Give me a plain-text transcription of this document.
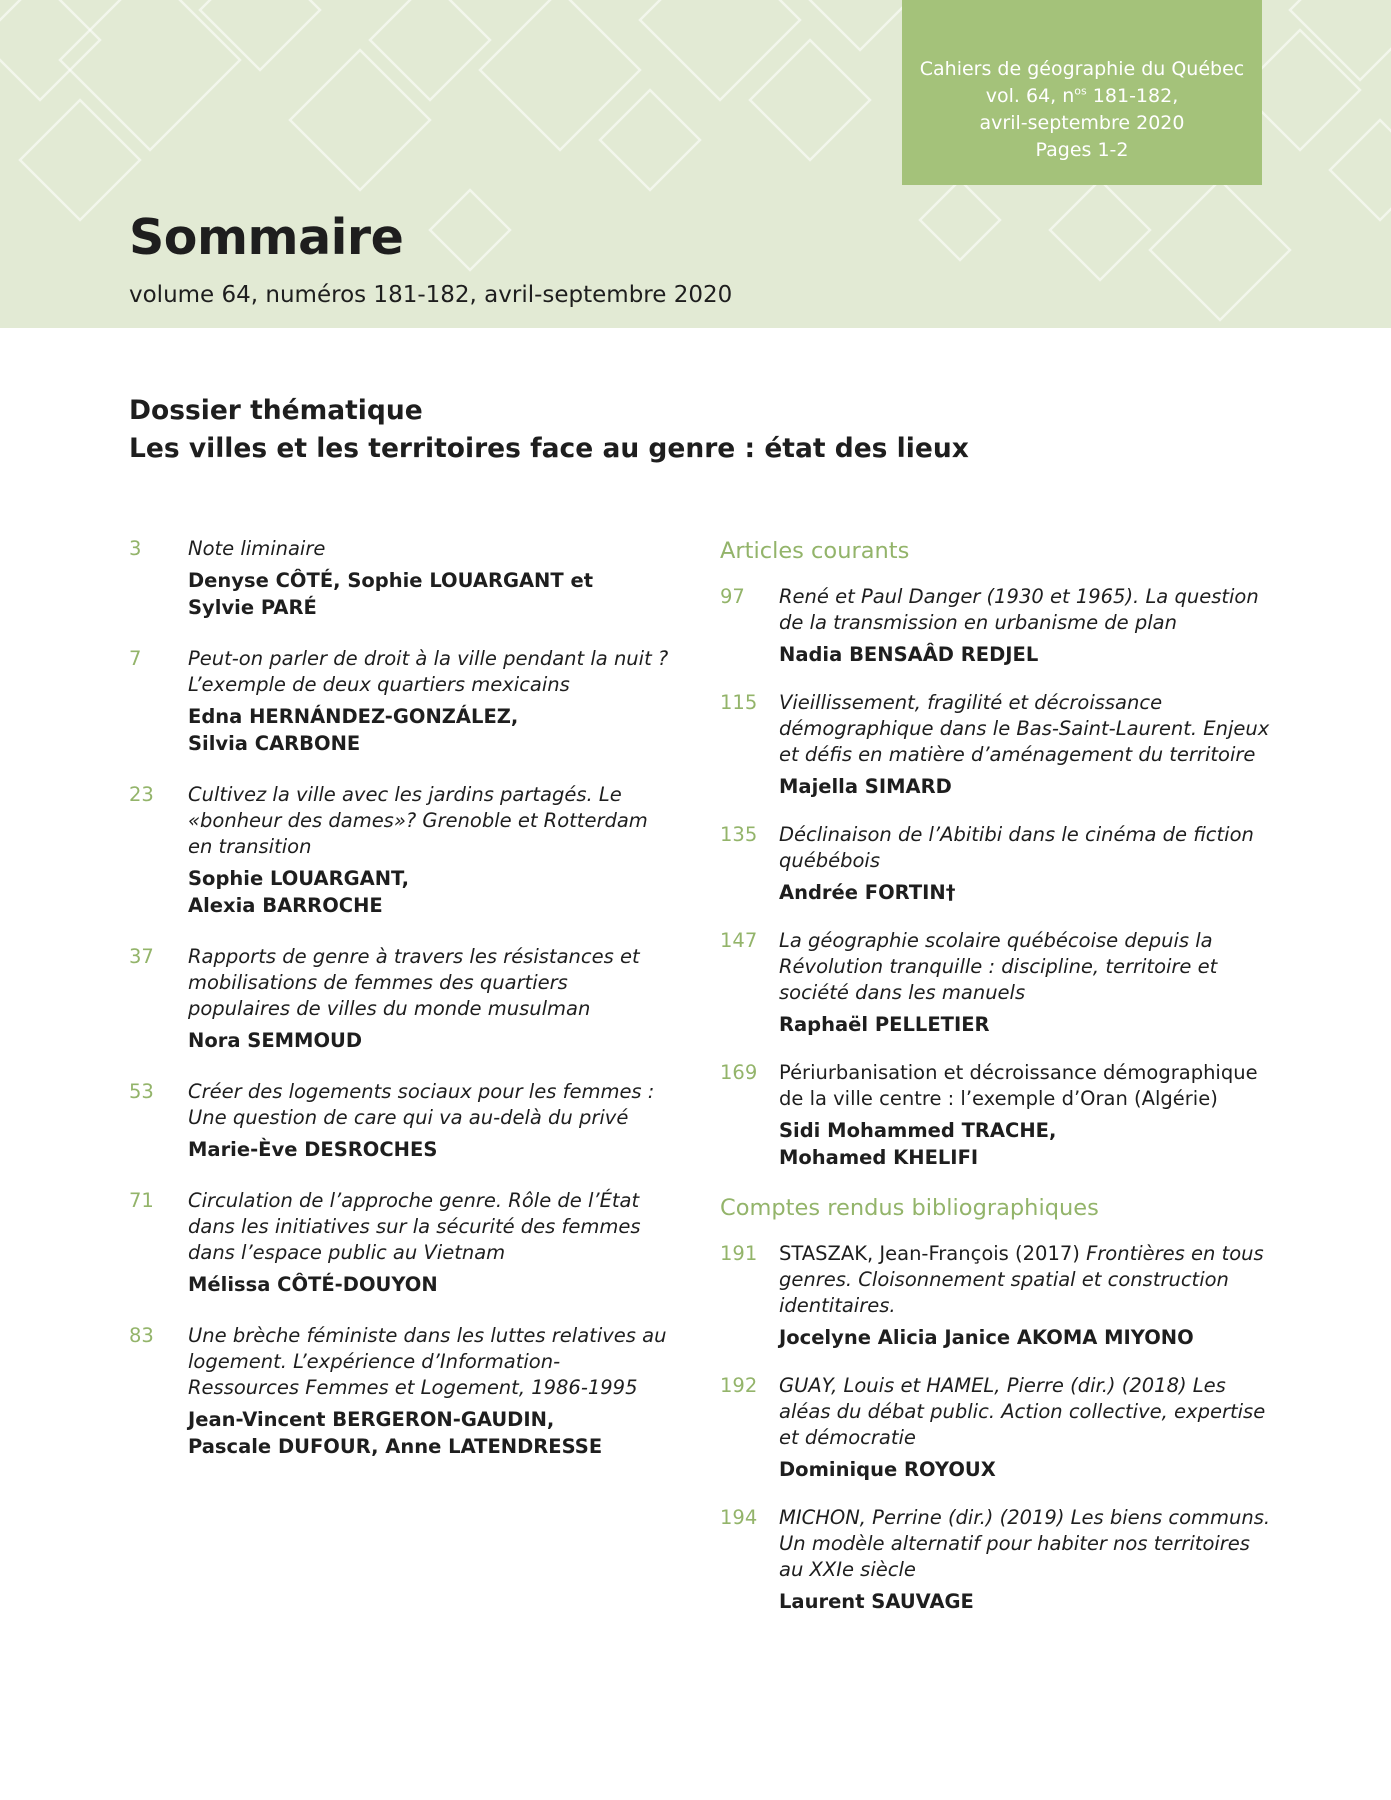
Cahiers de géographie du Québec
vol. 64, $n^{os}$ 181-182,
avril-septembre 2020
Pages 1-2
Sommaire
volume 64, numéros 181-182, avril-septembre 2020
Dossier thématique
Les villes et les territoires face au genre : état des lieux
3 Note liminaire
Denyse CÔTÉ, Sophie LOUARGANT et
Sylvie PARÉ
7 Peut-on parler de droit à la ville pendant la nuit ? L’exemple de deux quartiers mexicains
Edna HERNÁNDEZ-GONZÁLEZ,
Silvia CARBONE
23 Cultivez la ville avec les jardins partagés. Le «bonheur des dames»? Grenoble et Rotterdam en transition
Sophie LOUARGANT,
Alexia BARROCHE
37 Rapports de genre à travers les résistances et mobilisations de femmes des quartiers populaires de villes du monde musulman
Nora SEMMOUD
53 Créer des logements sociaux pour les femmes : Une question de care qui va au-delà du privé
Marie-Ève DESROCHES
71 Circulation de l’approche genre. Rôle de l’État dans les initiatives sur la sécurité des femmes dans l’espace public au Vietnam
Mélissa CÔTÉ-DOUYON
83 Une brèche féministe dans les luttes relatives au logement. L’expérience d’Information-Ressources Femmes et Logement, 1986-1995
Jean-Vincent BERGERON-GAUDIN,
Pascale DUFOUR, Anne LATENDRESSE
Articles courants
97 René et Paul Danger (1930 et 1965). La question de la transmission en urbanisme de plan
Nadia BENSAÂD REDJEL
115 Vieillissement, fragilité et décroissance démographique dans le Bas-Saint-Laurent. Enjeux et défis en matière d’aménagement du territoire
Majella SIMARD
135 Déclinaison de l’Abitibi dans le cinéma de fiction québébois
Andrée FORTIN†
147 La géographie scolaire québécoise depuis la Révolution tranquille : discipline, territoire et société dans les manuels
Raphaël PELLETIER
169 Périurbanisation et décroissance démographique de la ville centre : l’exemple d’Oran (Algérie)
Sidi Mohammed TRACHE,
Mohamed KHELIFI
Comptes rendus bibliographiques
191 STASZAK, Jean-François (2017) Frontières en tous genres. Cloisonnement spatial et construction identitaires.
Jocelyne Alicia Janice AKOMA MIYONO
192 GUAY, Louis et HAMEL, Pierre (dir.) (2018) Les aléas du débat public. Action collective, expertise et démocratie
Dominique ROYOUX
194 MICHON, Perrine (dir.) (2019) Les biens communs. Un modèle alternatif pour habiter nos territoires au XXIe siècle
Laurent SAUVAGE
